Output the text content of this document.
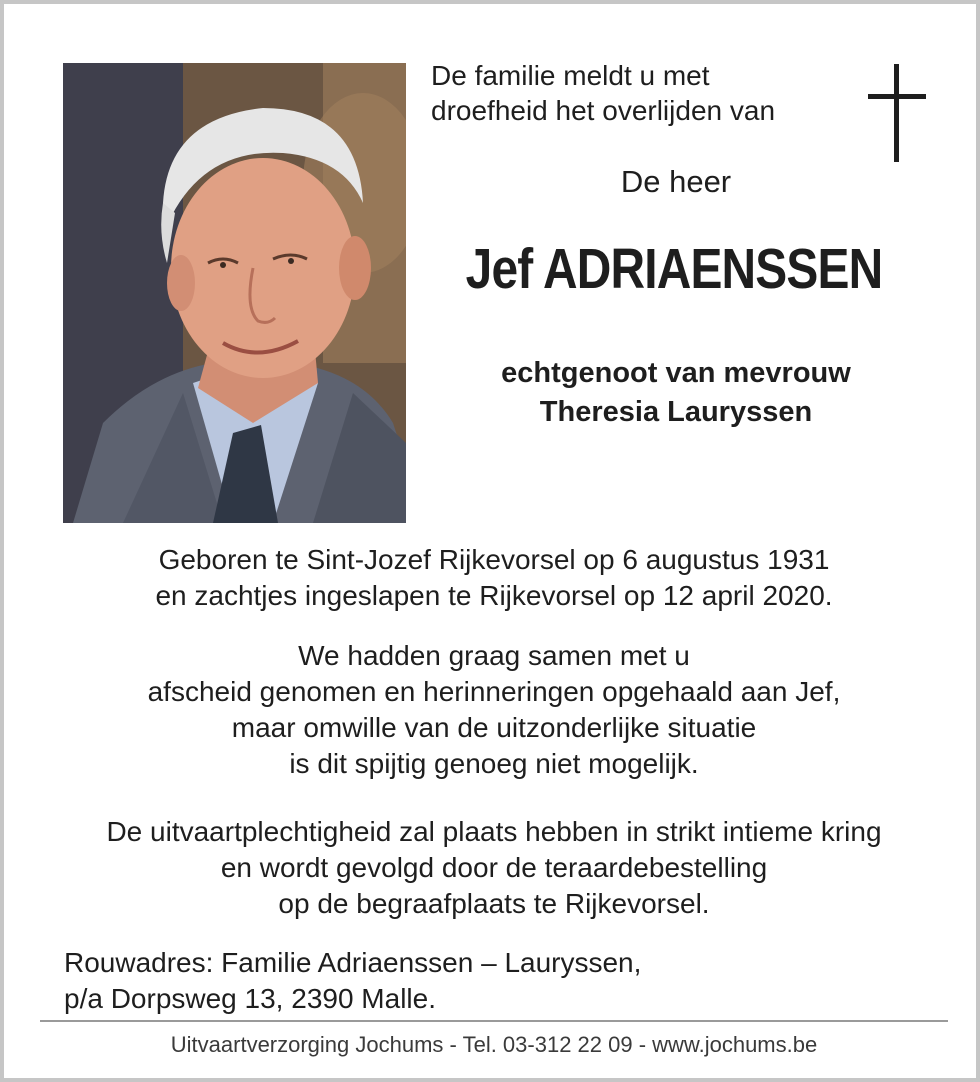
De familie meldt u met
droefheid het overlijden van
De heer
Jef ADRIAENSSEN
echtgenoot van mevrouw
Theresia Lauryssen
Geboren te Sint-Jozef Rijkevorsel op 6 augustus 1931
en zachtjes ingeslapen te Rijkevorsel op 12 april 2020.
We hadden graag samen met u
afscheid genomen en herinneringen opgehaald aan Jef,
maar omwille van de uitzonderlijke situatie
is dit spijtig genoeg niet mogelijk.
De uitvaartplechtigheid zal plaats hebben in strikt intieme kring
en wordt gevolgd door de teraardebestelling
op de begraafplaats te Rijkevorsel.
Rouwadres: Familie Adriaenssen – Lauryssen,
p/a Dorpsweg 13, 2390 Malle.
Uitvaartverzorging Jochums - Tel. 03-312 22 09 - www.jochums.be
